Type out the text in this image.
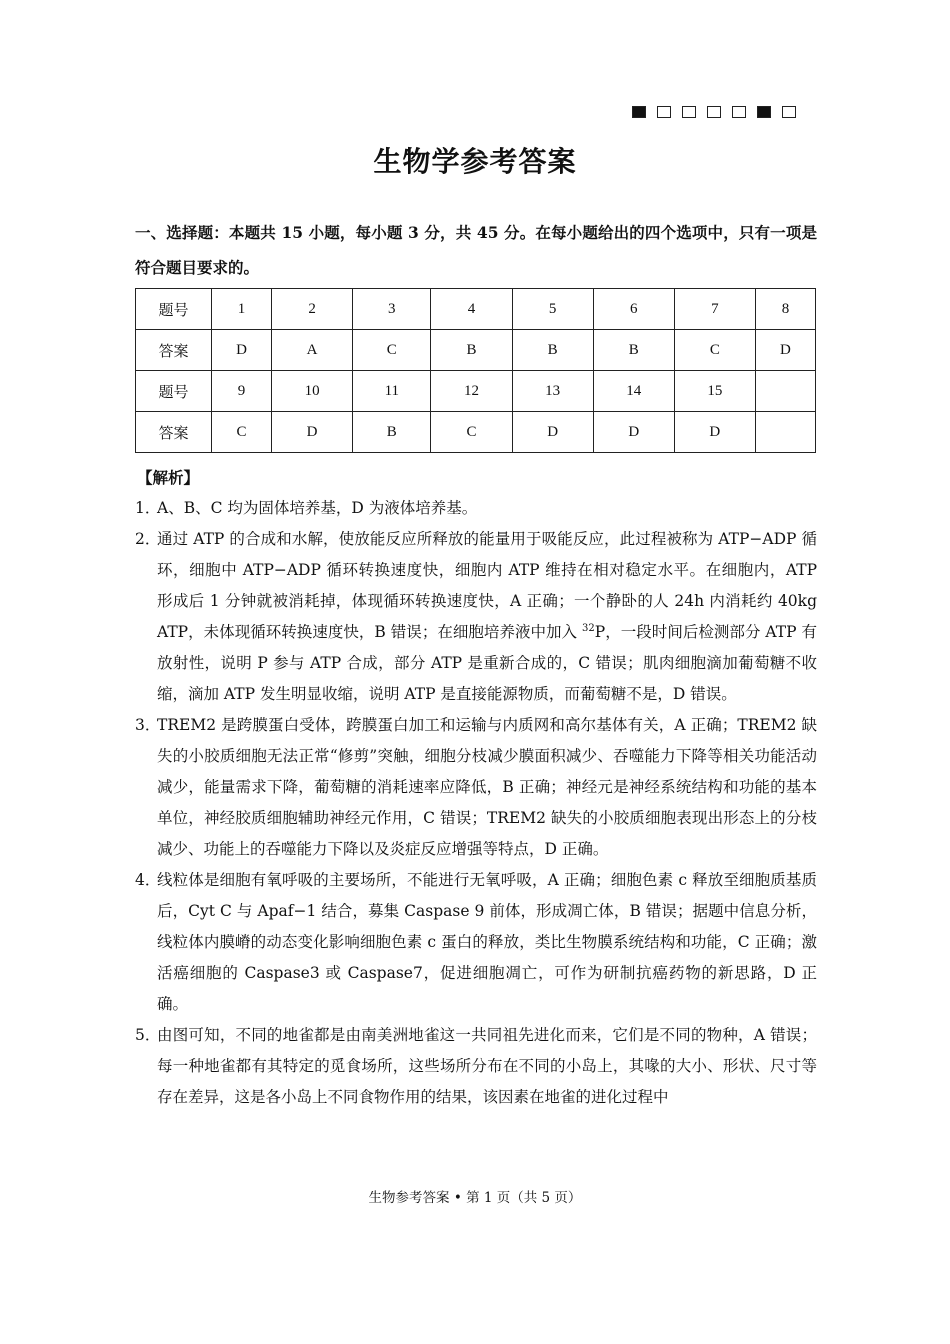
生物学参考答案
一、选择题：本题共 15 小题，每小题 3 分，共 45 分。在每小题给出的四个选项中，只有一项是符合题目要求的。
题号	1	2	3	4	5	6	7	8
答案	D	A	C	B	B	B	C	D
题号	9	10	11	12	13	14	15	
答案	C	D	B	C	D	D	D	
【解析】
1．
A、B、C 均为固体培养基，D 为液体培养基。
2．
通过 ATP 的合成和水解，使放能反应所释放的能量用于吸能反应，此过程被称为 ATP−ADP 循环，细胞中 ATP−ADP 循环转换速度快，细胞内 ATP 维持在相对稳定水平。在细胞内，ATP 形成后 1 分钟就被消耗掉，体现循环转换速度快，A 正确；一个静卧的人 24h 内消耗约 40kg ATP，未体现循环转换速度快，B 错误；在细胞培养液中加入 $^{32}$P，一段时间后检测部分 ATP 有放射性，说明 P 参与 ATP 合成，部分 ATP 是重新合成的，C 错误；肌肉细胞滴加葡萄糖不收缩，滴加 ATP 发生明显收缩，说明 ATP 是直接能源物质，而葡萄糖不是，D 错误。
3．
TREM2 是跨膜蛋白受体，跨膜蛋白加工和运输与内质网和高尔基体有关，A 正确；TREM2 缺失的小胶质细胞无法正常“修剪”突触，细胞分枝减少膜面积减少、吞噬能力下降等相关功能活动减少，能量需求下降，葡萄糖的消耗速率应降低，B 正确；神经元是神经系统结构和功能的基本单位，神经胶质细胞辅助神经元作用，C 错误；TREM2 缺失的小胶质细胞表现出形态上的分枝减少、功能上的吞噬能力下降以及炎症反应增强等特点，D 正确。
4．
线粒体是细胞有氧呼吸的主要场所，不能进行无氧呼吸，A 正确；细胞色素 c 释放至细胞质基质后，Cyt C 与 Apaf−1 结合，募集 Caspase 9 前体，形成凋亡体，B 错误；据题中信息分析，线粒体内膜嵴的动态变化影响细胞色素 c 蛋白的释放，类比生物膜系统结构和功能，C 正确；激活癌细胞的 Caspase3 或 Caspase7，促进细胞凋亡，可作为研制抗癌药物的新思路，D 正确。
5．
由图可知，不同的地雀都是由南美洲地雀这一共同祖先进化而来，它们是不同的物种，A 错误；每一种地雀都有其特定的觅食场所，这些场所分布在不同的小岛上，其喙的大小、形状、尺寸等存在差异，这是各小岛上不同食物作用的结果，该因素在地雀的进化过程中
生物参考答案 • 第 1 页（共 5 页）
